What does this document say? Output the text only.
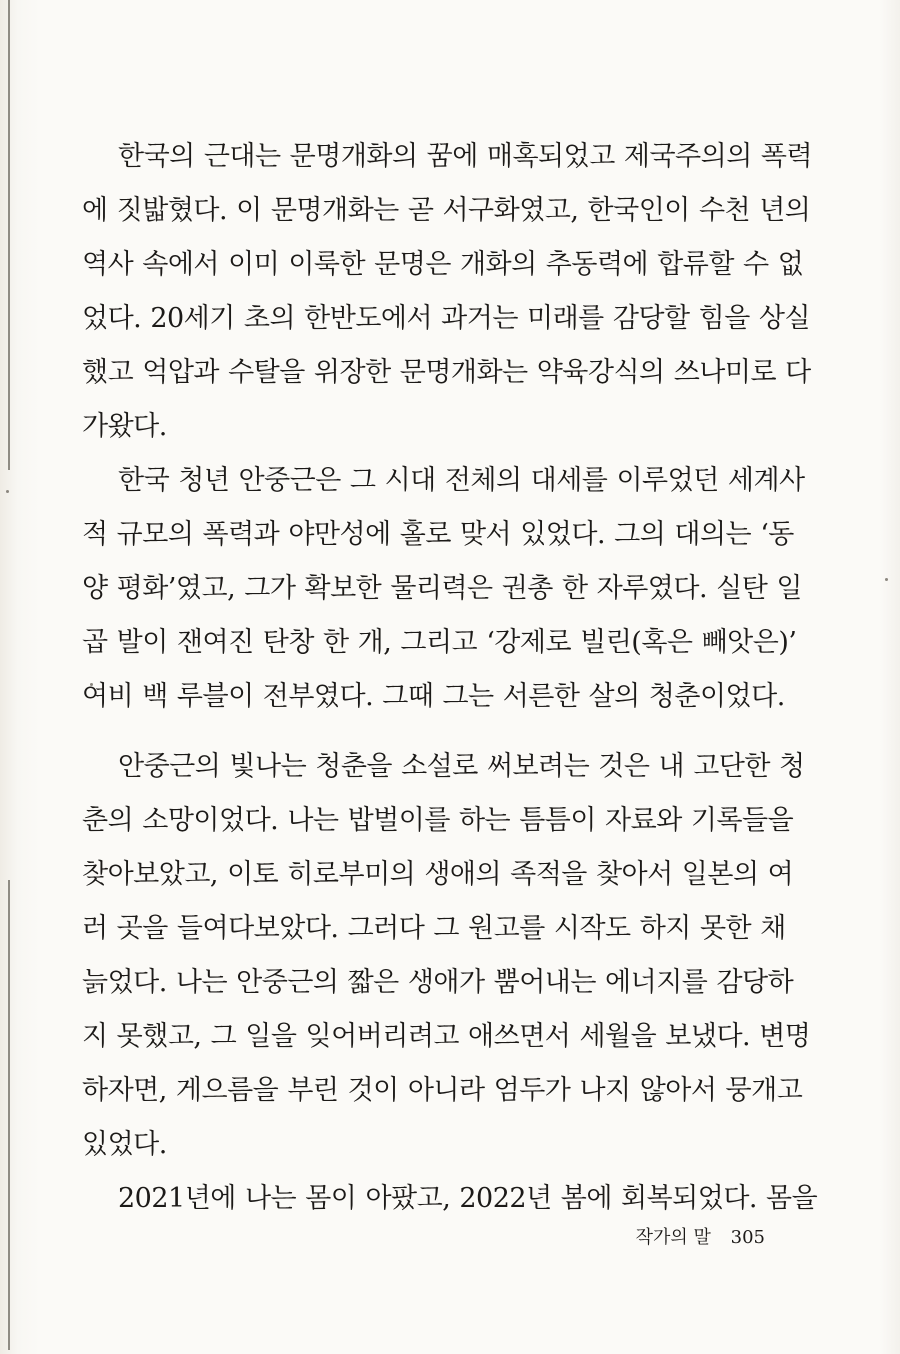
한국의 근대는 문명개화의 꿈에 매혹되었고 제국주의의 폭력
에 짓밟혔다. 이 문명개화는 곧 서구화였고, 한국인이 수천 년의
역사 속에서 이미 이룩한 문명은 개화의 추동력에 합류할 수 없
었다. 20세기 초의 한반도에서 과거는 미래를 감당할 힘을 상실
했고 억압과 수탈을 위장한 문명개화는 약육강식의 쓰나미로 다
가왔다.
한국 청년 안중근은 그 시대 전체의 대세를 이루었던 세계사
적 규모의 폭력과 야만성에 홀로 맞서 있었다. 그의 대의는 ‘동
양 평화’였고, 그가 확보한 물리력은 권총 한 자루였다. 실탄 일
곱 발이 잰여진 탄창 한 개, 그리고 ‘강제로 빌린(혹은 빼앗은)’
여비 백 루블이 전부였다. 그때 그는 서른한 살의 청춘이었다.
안중근의 빛나는 청춘을 소설로 써보려는 것은 내 고단한 청
춘의 소망이었다. 나는 밥벌이를 하는 틈틈이 자료와 기록들을
찾아보았고, 이토 히로부미의 생애의 족적을 찾아서 일본의 여
러 곳을 들여다보았다. 그러다 그 원고를 시작도 하지 못한 채
늙었다. 나는 안중근의 짧은 생애가 뿜어내는 에너지를 감당하
지 못했고, 그 일을 잊어버리려고 애쓰면서 세월을 보냈다. 변명
하자면, 게으름을 부린 것이 아니라 엄두가 나지 않아서 뭉개고
있었다.
2021년에 나는 몸이 아팠고, 2022년 봄에 회복되었다. 몸을
작가의 말 305
